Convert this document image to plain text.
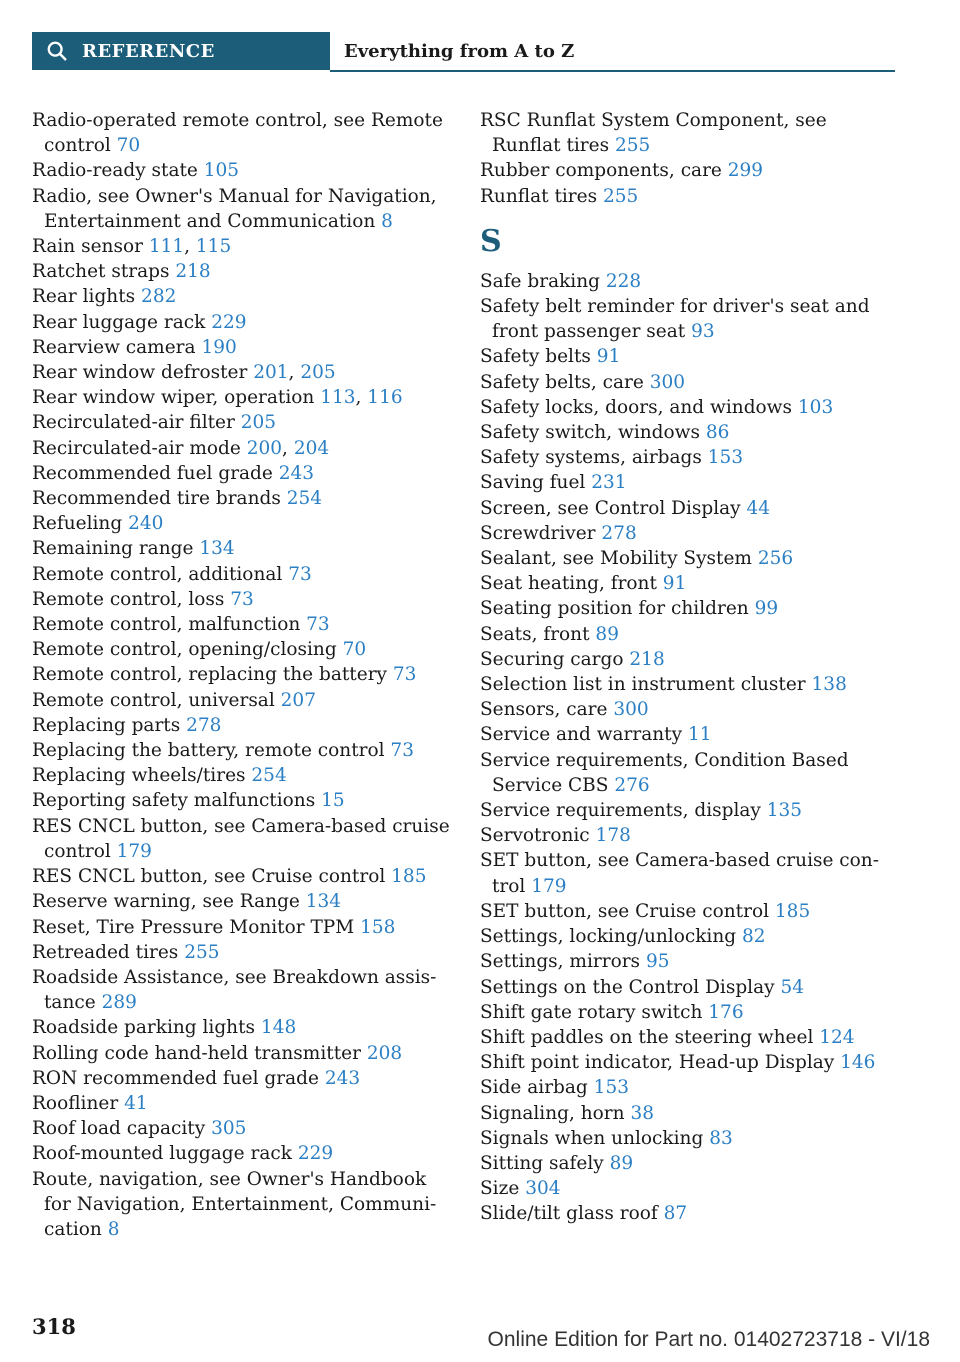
REFERENCE	Everything from A to Z

Radio-operated remote control, see Remote control 70

Radio-ready state 105

Radio, see Owner's Manual for Navigation, Entertainment and Communication 8

Rain sensor 111, 115

Ratchet straps 218

Rear lights 282

Rear luggage rack 229

Rearview camera 190

Rear window defroster 201, 205

Rear window wiper, operation 113, 116

Recirculated-air filter 205

Recirculated-air mode 200, 204

Recommended fuel grade 243

Recommended tire brands 254

Refueling 240

Remaining range 134

Remote control, additional 73

Remote control, loss 73

Remote control, malfunction 73

Remote control, opening/closing 70

Remote control, replacing the battery 73

Remote control, universal 207

Replacing parts 278

Replacing the battery, remote control 73

Replacing wheels/tires 254

Reporting safety malfunctions 15

RES CNCL button, see Camera-based cruise control 179

RES CNCL button, see Cruise control 185

Reserve warning, see Range 134

Reset, Tire Pressure Monitor TPM 158

Retreaded tires 255

Roadside Assistance, see Breakdown assis-tance 289

Roadside parking lights 148

Rolling code hand-held transmitter 208

RON recommended fuel grade 243

Roofliner 41

Roof load capacity 305

Roof-mounted luggage rack 229

Route, navigation, see Owner's Handbook for Navigation, Entertainment, Communi-cation 8

RSC Runflat System Component, see Runflat tires 255

Rubber components, care 299

Runflat tires 255

S

Safe braking 228

Safety belt reminder for driver's seat and front passenger seat 93

Safety belts 91

Safety belts, care 300

Safety locks, doors, and windows 103

Safety switch, windows 86

Safety systems, airbags 153

Saving fuel 231

Screen, see Control Display 44

Screwdriver 278

Sealant, see Mobility System 256

Seat heating, front 91

Seating position for children 99

Seats, front 89

Securing cargo 218

Selection list in instrument cluster 138

Sensors, care 300

Service and warranty 11

Service requirements, Condition Based Service CBS 276

Service requirements, display 135

Servotronic 178

SET button, see Camera-based cruise con-trol 179

SET button, see Cruise control 185

Settings, locking/unlocking 82

Settings, mirrors 95

Settings on the Control Display 54

Shift gate rotary switch 176

Shift paddles on the steering wheel 124

Shift point indicator, Head-up Display 146

Side airbag 153

Signaling, horn 38

Signals when unlocking 83

Sitting safely 89

Size 304

Slide/tilt glass roof 87

318
Online Edition for Part no. 01402723718 - VI/18
